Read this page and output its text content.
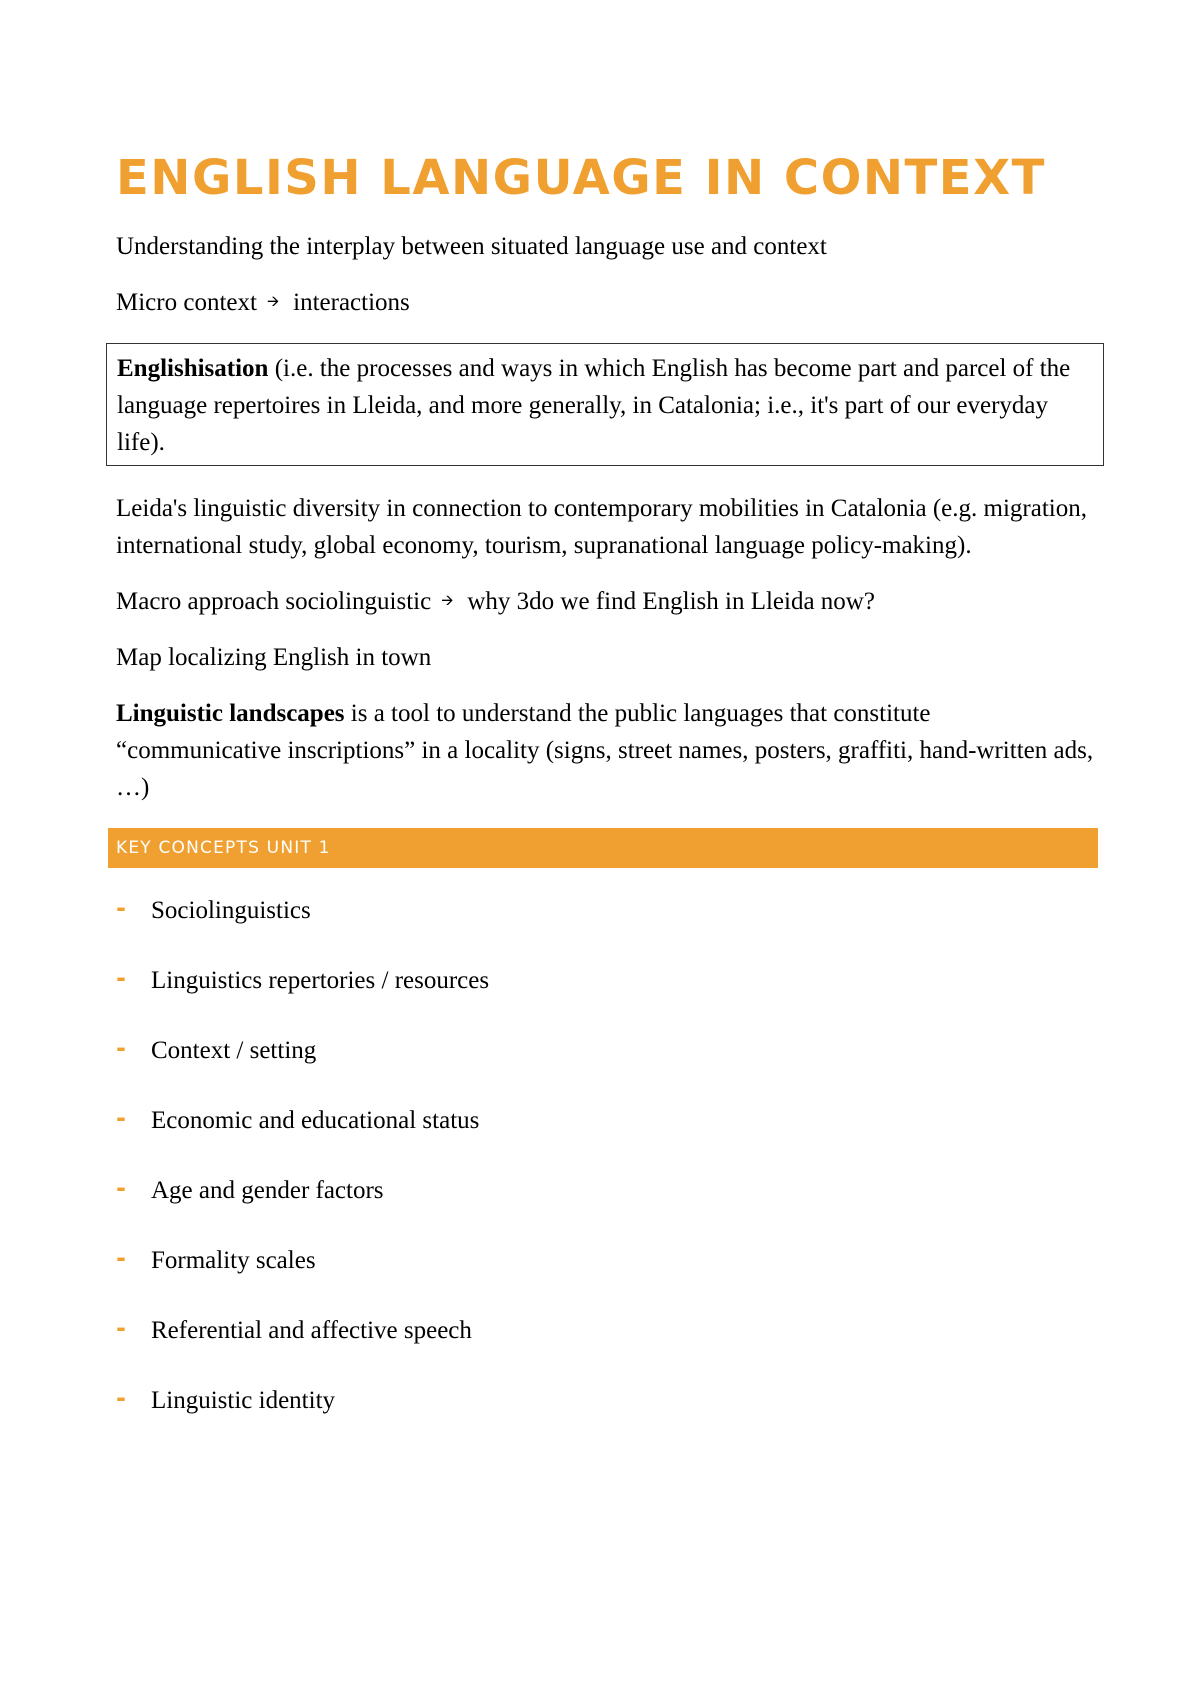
ENGLISH LANGUAGE IN CONTEXT

Understanding the interplay between situated language use and context

Micro context 🡪 interactions

Englishisation (i.e. the processes and ways in which English has become part and parcel of the language repertoires in Lleida, and more generally, in Catalonia; i.e., it's part of our everyday life).

Leida's linguistic diversity in connection to contemporary mobilities in Catalonia (e.g. migration, international study, global economy, tourism, supranational language policy-making).

Macro approach sociolinguistic 🡪 why 3do we find English in Lleida now?

Map localizing English in town

Linguistic landscapes is a tool to understand the public languages that constitute “communicative inscriptions” in a locality (signs, street names, posters, graffiti, hand-written ads, …)

KEY CONCEPTS UNIT 1
- Sociolinguistics
- Linguistics repertories / resources
- Context / setting
- Economic and educational status
- Age and gender factors
- Formality scales
- Referential and affective speech
- Linguistic identity
